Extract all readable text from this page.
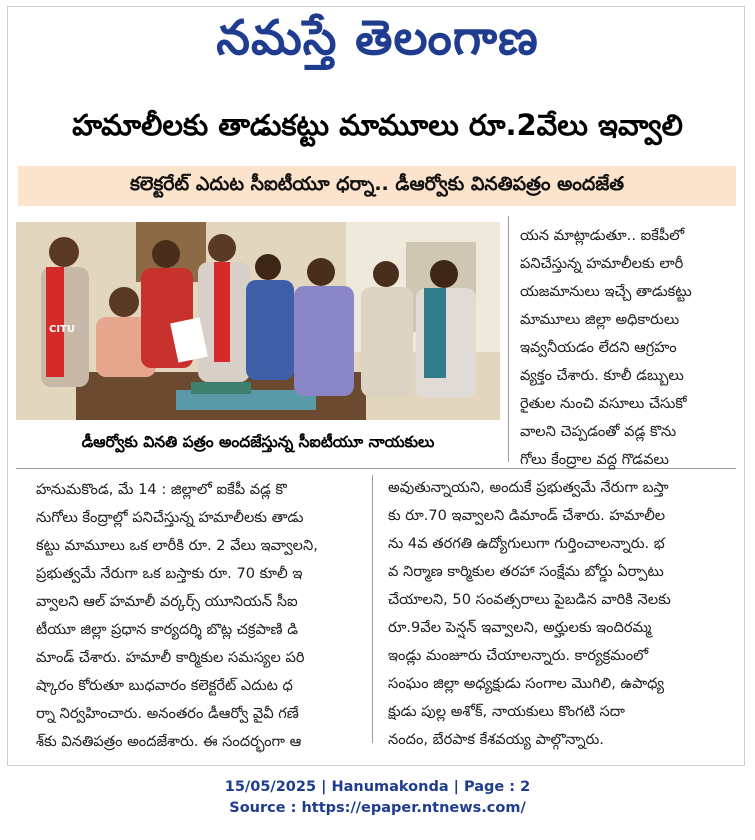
నమస్తే తెలంగాణ
హమాలీలకు తాడుకట్టు మామూలు రూ.2వేలు ఇవ్వాలి
కలెక్టరేట్ ఎదుట సీఐటీయూ ధర్నా.. డీఆర్వోకు వినతిపత్రం అందజేత
CITU
డీఆర్వోకు వినతి పత్రం అందజేస్తున్న సీఐటీయూ నాయకులు

యన మాట్లాడుతూ.. ఐకేపీలో

పనిచేస్తున్న హమాలీలకు లారీ

యజమానులు ఇచ్చే తాడుకట్టు

మామూలు జిల్లా అధికారులు

ఇవ్వనీయడం లేదని ఆగ్రహం

వ్యక్తం చేశారు. కూలీ డబ్బులు

రైతుల నుంచి వసూలు చేసుకో

వాలని చెప్పడంతో వడ్ల కొను

గోలు కేంద్రాల వద్ద గొడవలు

హనుమకొండ, మే 14 : జిల్లాలో ఐకేపీ వడ్ల కొ

నుగోలు కేంద్రాల్లో పనిచేస్తున్న హమాలీలకు తాడు

కట్టు మామూలు ఒక లారీకి రూ. 2 వేలు ఇవ్వాలని,

ప్రభుత్వమే నేరుగా ఒక బస్తాకు రూ. 70 కూలీ ఇ

వ్వాలని ఆల్ హమాలీ వర్కర్స్ యూనియన్ సీఐ

టీయూ జిల్లా ప్రధాన కార్యదర్శి బొట్ల చక్రపాణి డి

మాండ్ చేశారు. హమాలీ కార్మికుల సమస్యల పరి

ష్కారం కోరుతూ బుధవారం కలెక్టరేట్ ఎదుట ధ

ర్నా నిర్వహించారు. అనంతరం డీఆర్వో వైవీ గణే

శ్‌కు వినతిపత్రం అందజేశారు. ఈ సందర్భంగా ఆ

అవుతున్నాయని, అందుకే ప్రభుత్వమే నేరుగా బస్తా

కు రూ.70 ఇవ్వాలని డిమాండ్ చేశారు. హమాలీల

ను 4వ తరగతి ఉద్యోగులుగా గుర్తించాలన్నారు. భ

వ నిర్మాణ కార్మికుల తరహా సంక్షేమ బోర్డు ఏర్పాటు

చేయాలని, 50 సంవత్సరాలు పైబడిన వారికి నెలకు

రూ.9వేల పెన్షన్ ఇవ్వాలని, అర్హులకు ఇందిరమ్మ

ఇండ్లు మంజూరు చేయాలన్నారు. కార్యక్రమంలో

సంఘం జిల్లా అధ్యక్షుడు సంగాల మొగిలి, ఉపాధ్య

క్షుడు పుల్ల అశోక్, నాయకులు కొంగటి సదా

నందం, బేరపాక కేశవయ్య పాల్గొన్నారు.

15/05/2025 | Hanumakonda | Page : 2
Source : https://epaper.ntnews.com/
